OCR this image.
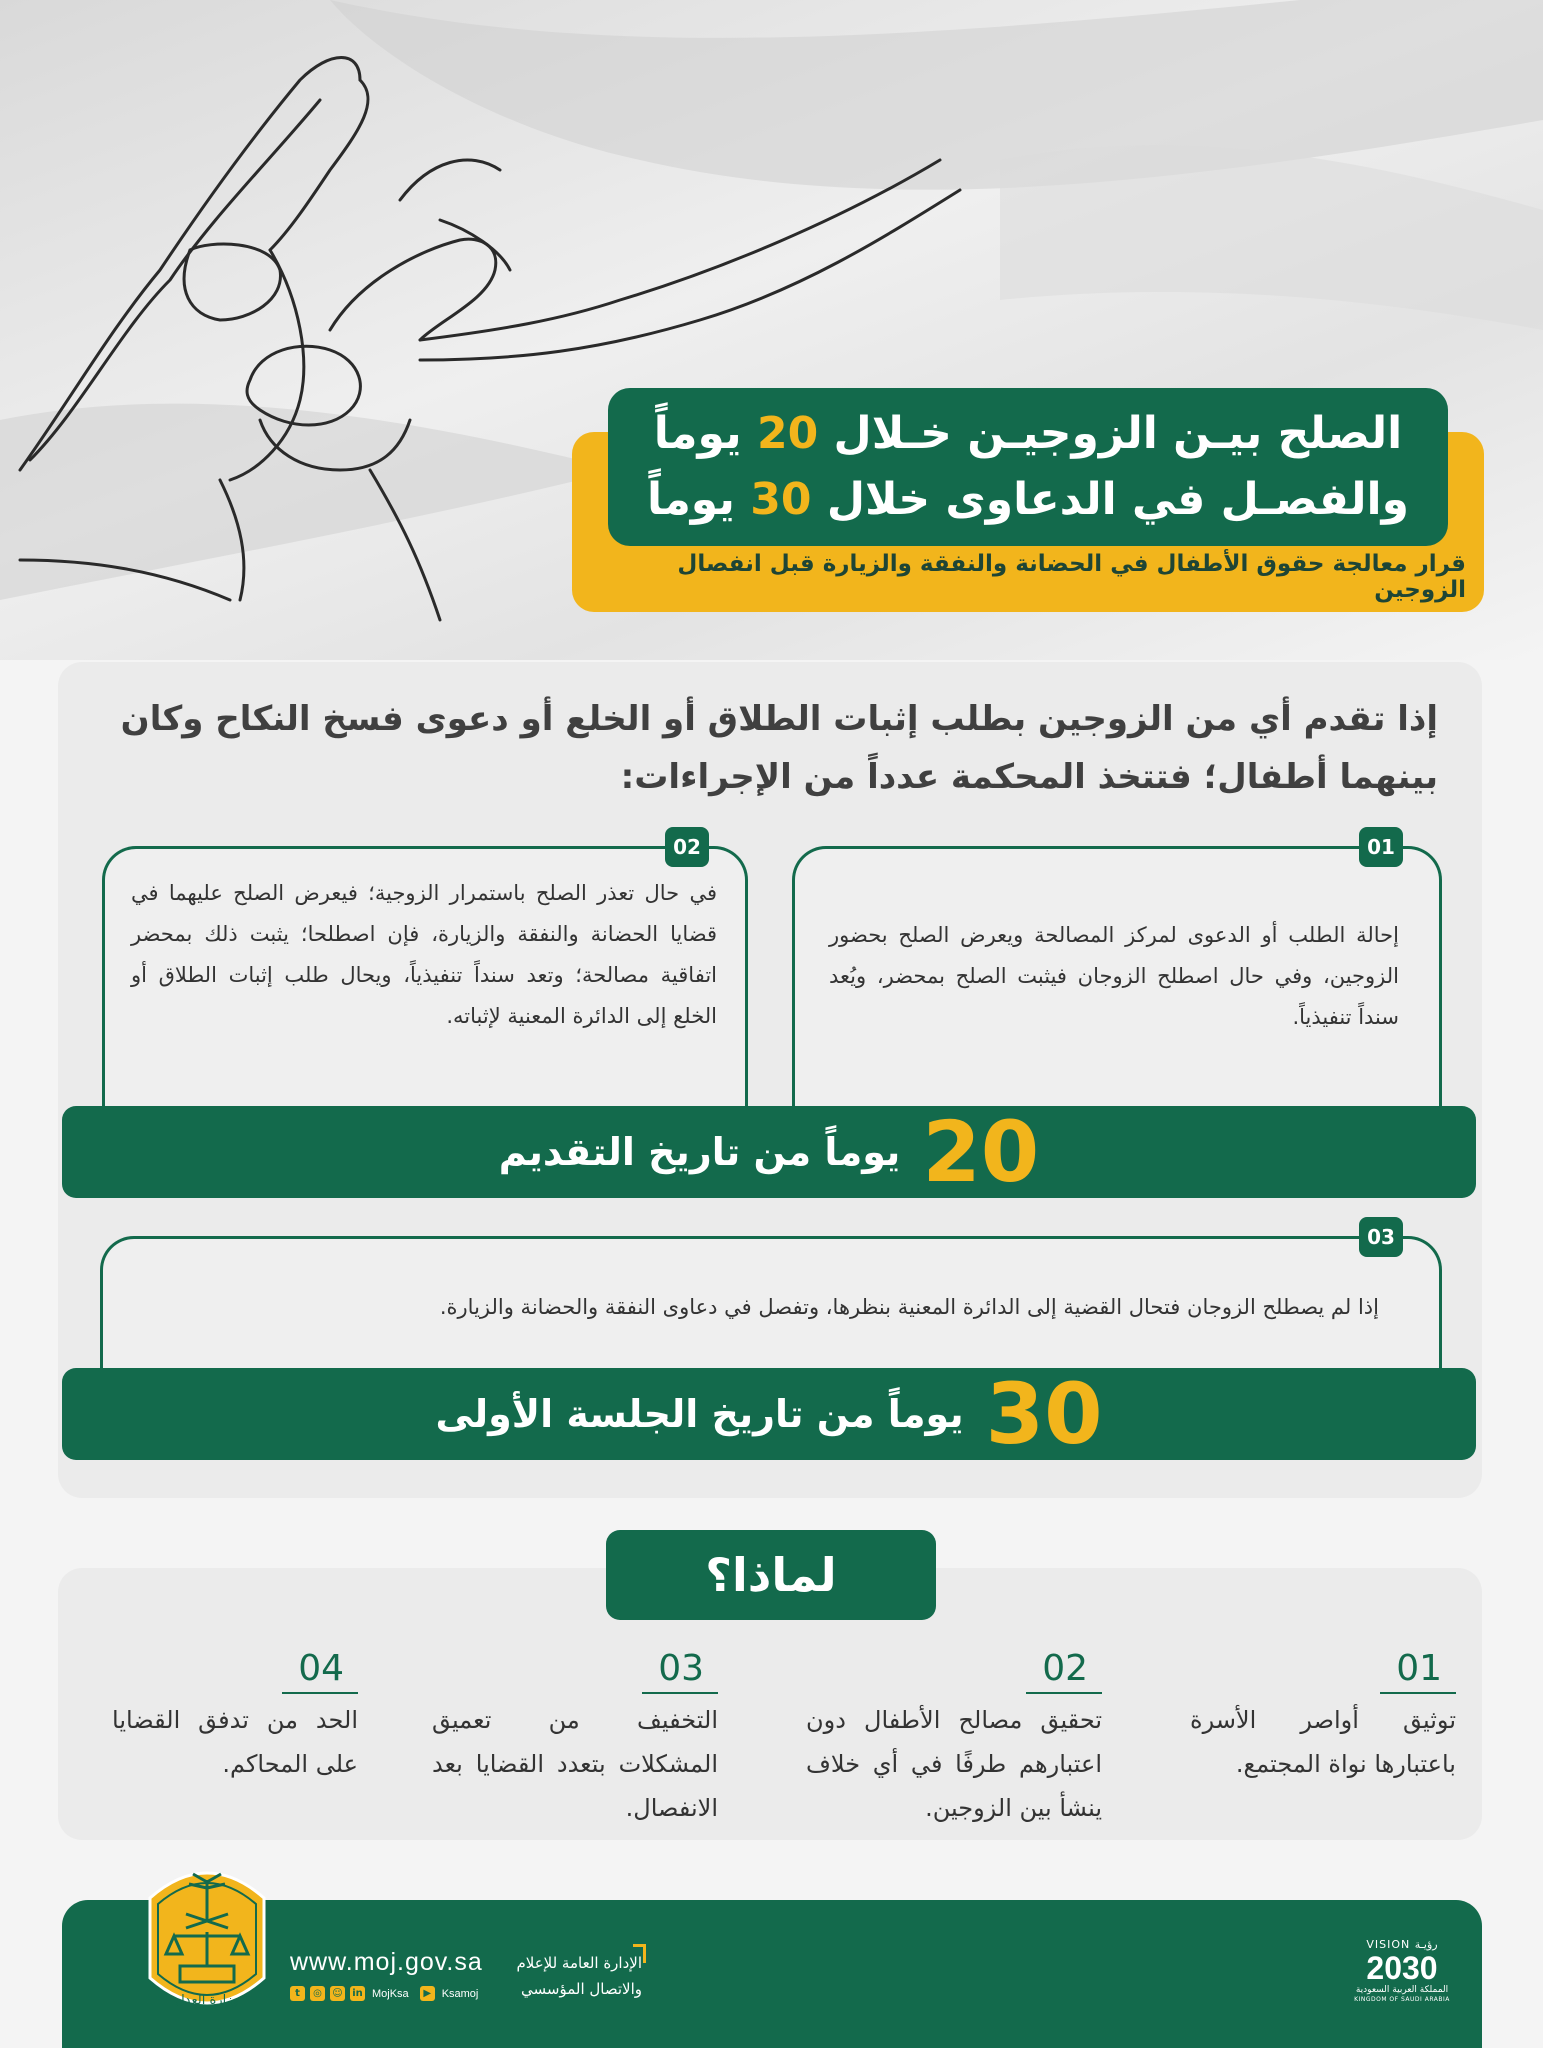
الصلح بيـن الزوجيـن خـلال 20 يوماً
والفصـل في الدعاوى خلال 30 يوماً
قرار معالجة حقوق الأطفال في الحضانة والنفقة والزيارة قبل انفصال الزوجين
إذا تقدم أي من الزوجين بطلب إثبات الطلاق أو الخلع أو دعوى فسخ النكاح وكان بينهما أطفال؛ فتتخذ المحكمة عدداً من الإجراءات:
01
إحالة الطلب أو الدعوى لمركز المصالحة ويعرض الصلح بحضور الزوجين، وفي حال اصطلح الزوجان فيثبت الصلح بمحضر، ويُعد سنداً تنفيذياً.
02
في حال تعذر الصلح باستمرار الزوجية؛ فيعرض الصلح عليهما في قضايا الحضانة والنفقة والزيارة، فإن اصطلحا؛ يثبت ذلك بمحضر اتفاقية مصالحة؛ وتعد سنداً تنفيذياً، ويحال طلب إثبات الطلاق أو الخلع إلى الدائرة المعنية لإثباته.
20
يوماً من تاريخ التقديم
03
إذا لم يصطلح الزوجان فتحال القضية إلى الدائرة المعنية بنظرها، وتفصل في دعاوى النفقة والحضانة والزيارة.
30
يوماً من تاريخ الجلسة الأولى
لماذا؟
01
توثيق أواصر الأسرة باعتبارها نواة المجتمع.
02
تحقيق مصالح الأطفال دون اعتبارهم طرفًا في أي خلاف ينشأ بين الزوجين.
03
التخفيف من تعميق المشكلات بتعدد القضايا بعد الانفصال.
04
الحد من تدفق القضايا على المحاكم.
وزارة العدل
www.moj.gov.sa
t	◎	☺ in MojKsa	▶ Ksamoj
الإدارة العامة للإعلام
والاتصال المؤسسي
VISION رؤيـة
2030
المملكة العربية السعودية
KINGDOM OF SAUDI ARABIA
